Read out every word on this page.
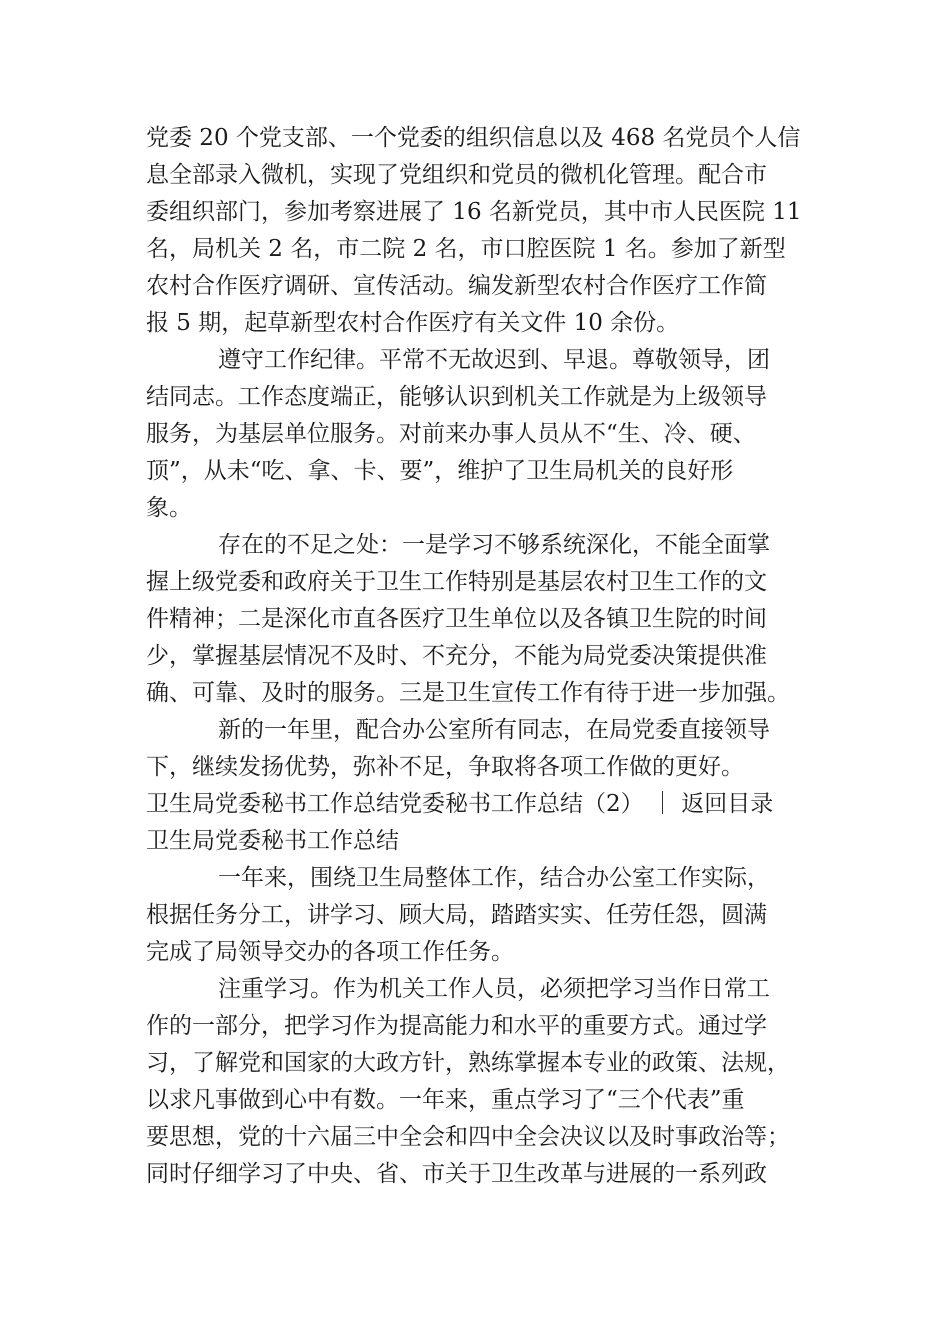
党委 20 个党支部、一个党委的组织信息以及 468 名党员个人信
息全部录入微机，实现了党组织和党员的微机化管理。配合市
委组织部门，参加考察进展了 16 名新党员，其中市人民医院 11
名，局机关 2 名，市二院 2 名，市口腔医院 1 名。参加了新型
农村合作医疗调研、宣传活动。编发新型农村合作医疗工作简
报 5 期，起草新型农村合作医疗有关文件 10 余份。
遵守工作纪律。平常不无故迟到、早退。尊敬领导，团
结同志。工作态度端正，能够认识到机关工作就是为上级领导
服务，为基层单位服务。对前来办事人员从不“生、冷、硬、
顶”，从未“吃、拿、卡、要”，维护了卫生局机关的良好形
象。
存在的不足之处：一是学习不够系统深化，不能全面掌
握上级党委和政府关于卫生工作特别是基层农村卫生工作的文
件精神；二是深化市直各医疗卫生单位以及各镇卫生院的时间
少，掌握基层情况不及时、不充分，不能为局党委决策提供准
确、可靠、及时的服务。三是卫生宣传工作有待于进一步加强。
新的一年里，配合办公室所有同志，在局党委直接领导
下，继续发扬优势，弥补不足，争取将各项工作做的更好。
卫生局党委秘书工作总结党委秘书工作总结（2） ｜ 返回目录
卫生局党委秘书工作总结
一年来，围绕卫生局整体工作，结合办公室工作实际，
根据任务分工，讲学习、顾大局，踏踏实实、任劳任怨，圆满
完成了局领导交办的各项工作任务。
注重学习。作为机关工作人员，必须把学习当作日常工
作的一部分，把学习作为提高能力和水平的重要方式。通过学
习，了解党和国家的大政方针，熟练掌握本专业的政策、法规，
以求凡事做到心中有数。一年来，重点学习了“三个代表”重
要思想，党的十六届三中全会和四中全会决议以及时事政治等；
同时仔细学习了中央、省、市关于卫生改革与进展的一系列政
